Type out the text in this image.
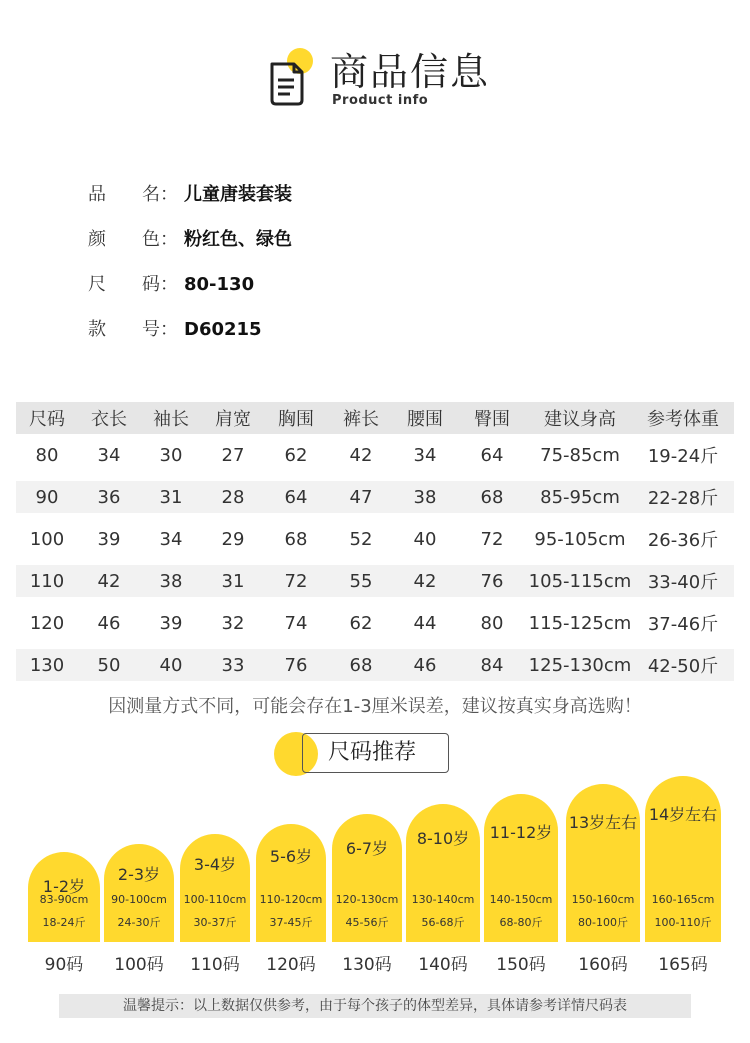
商品信息
Product info
品	名： 儿童唐装套装
颜	色： 粉红色、绿色
尺	码： 80-130
款	号： D60215
尺码	衣长	袖长	肩宽	胸围	裤长	腰围	臀围	建议身高	参考体重
80	34	30	27	62	42	34	64	75-85cm	19-24斤
90	36	31	28	64	47	38	68	85-95cm	22-28斤
100	39	34	29	68	52	40	72	95-105cm	26-36斤
110	42	38	31	72	55	42	76	105-115cm 33-40斤
120	46	39	32	74	62	44	80	115-125cm 37-46斤
130	50	40	33	76	68	46	84	125-130cm 42-50斤
因测量方式不同，可能会存在1-3厘米误差，建议按真实身高选购！
尺码推荐
1-2岁
83-90cm
18-24斤
90码
2-3岁
90-100cm
24-30斤
100码
3-4岁
100-110cm
30-37斤
110码
5-6岁
110-120cm
37-45斤
120码
6-7岁
120-130cm
45-56斤
130码
8-10岁
130-140cm
56-68斤
140码
11-12岁
140-150cm
68-80斤
150码
13岁左右
150-160cm
80-100斤
160码
14岁左右
160-165cm
100-110斤
165码
温馨提示：以上数据仅供参考，由于每个孩子的体型差异，具体请参考详情尺码表
